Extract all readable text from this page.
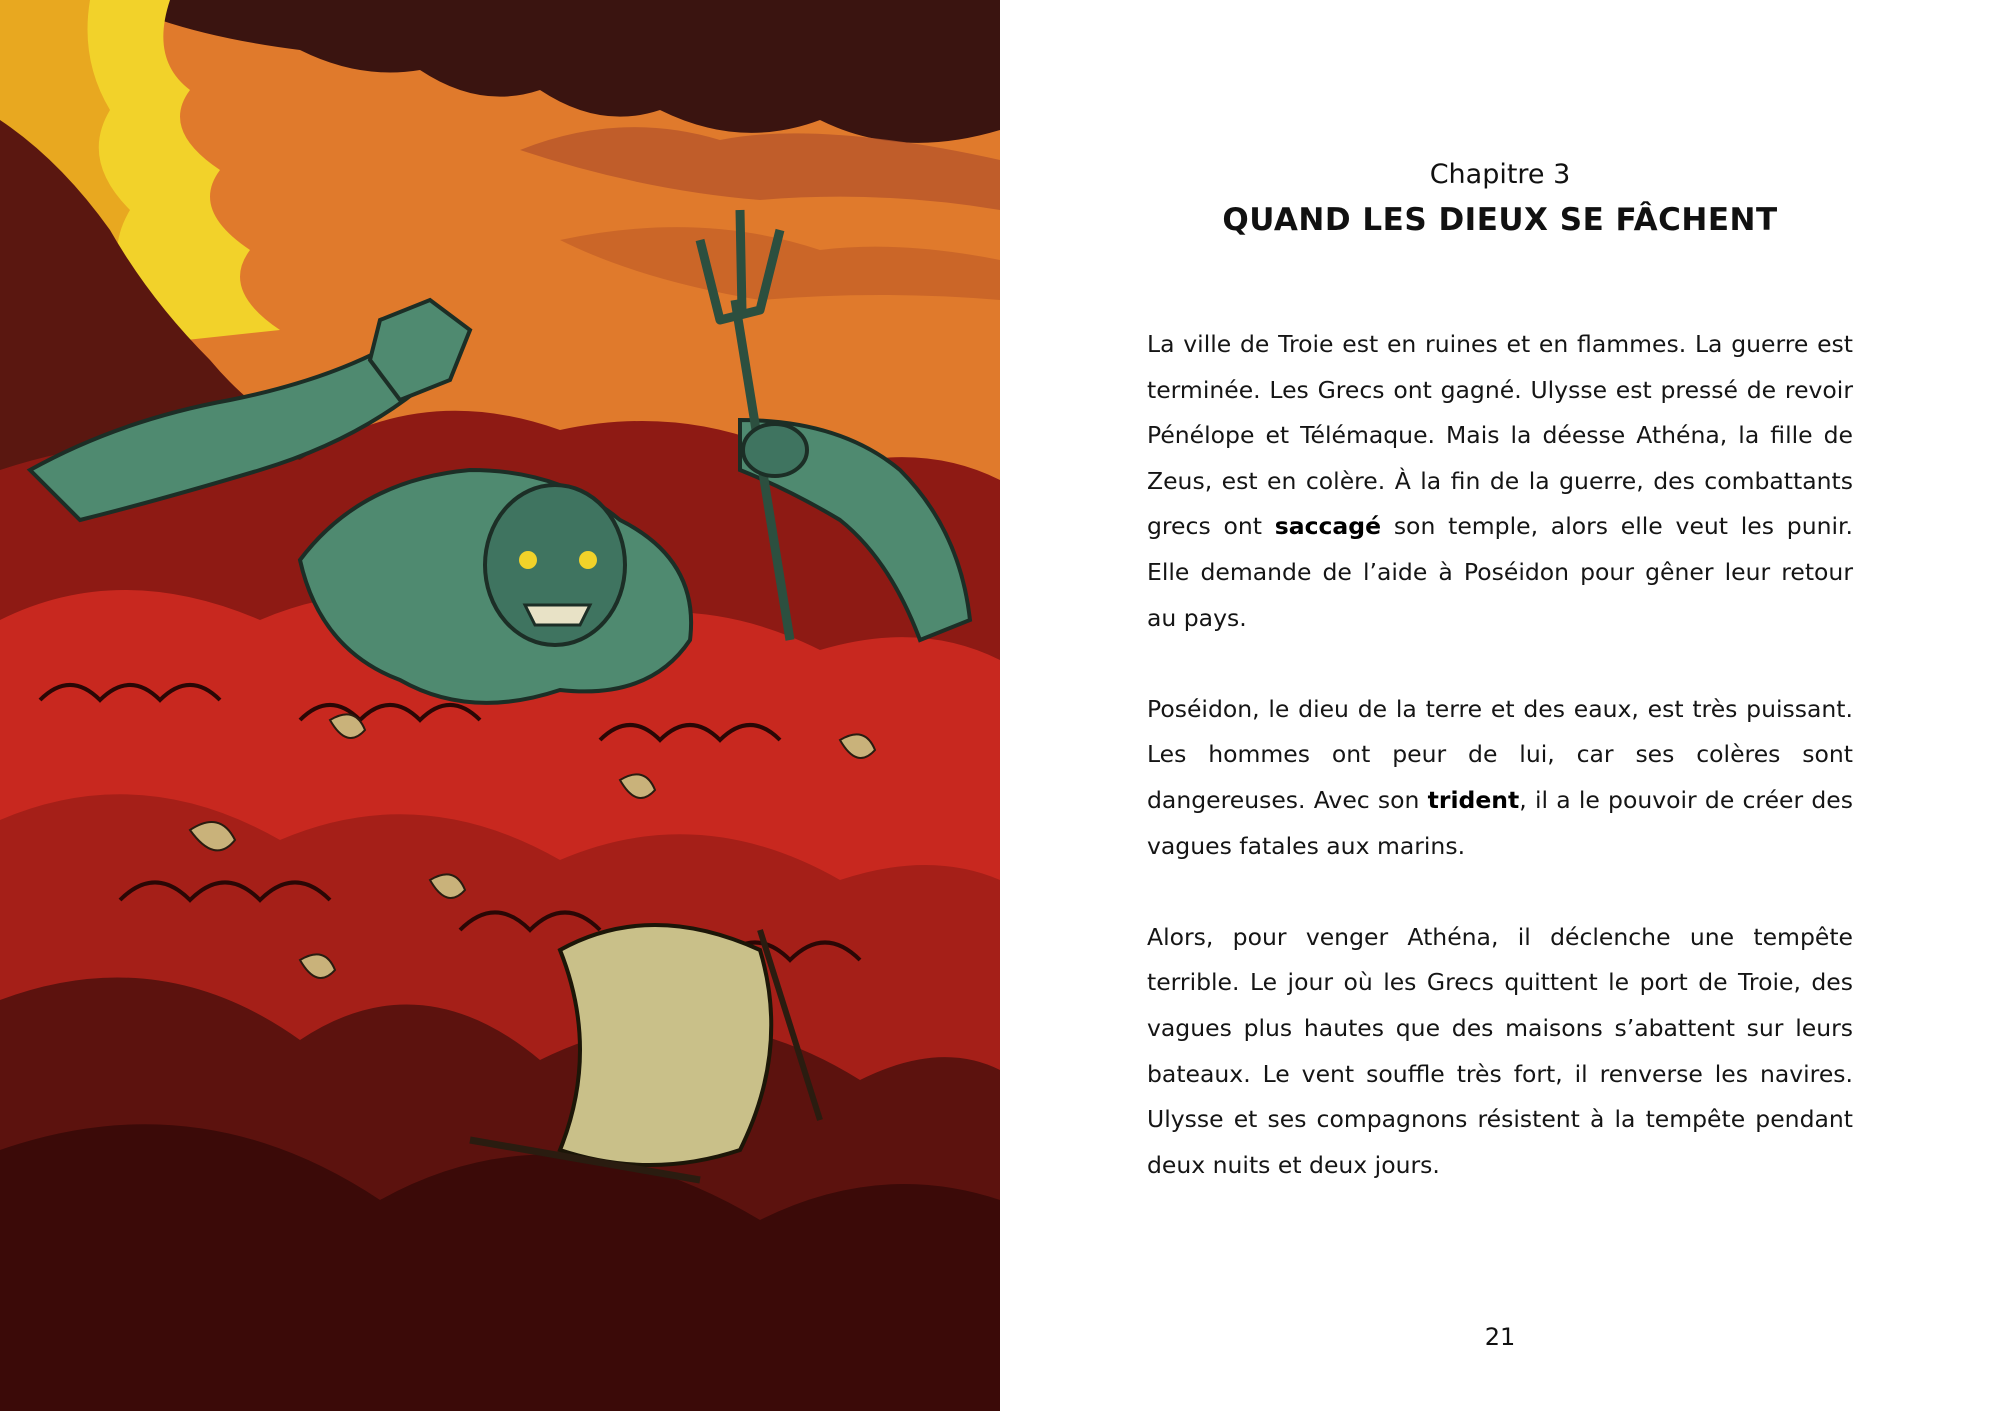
Chapitre 3
QUAND LES DIEUX SE FÂCHENT

La ville de Troie est en ruines et en flammes. La guerre est terminée. Les Grecs ont gagné. Ulysse est pressé de revoir Pénélope et Télémaque. Mais la déesse Athéna, la fille de Zeus, est en colère. À la fin de la guerre, des combattants grecs ont saccagé son temple, alors elle veut les punir. Elle demande de l’aide à Poséidon pour gêner leur retour au pays.

Poséidon, le dieu de la terre et des eaux, est très puissant. Les hommes ont peur de lui, car ses colères sont dangereuses. Avec son trident, il a le pouvoir de créer des vagues fatales aux marins.

Alors, pour venger Athéna, il déclenche une tempête terrible. Le jour où les Grecs quittent le port de Troie, des vagues plus hautes que des maisons s’abattent sur leurs bateaux. Le vent souffle très fort, il renverse les navires. Ulysse et ses compagnons résistent à la tempête pendant deux nuits et deux jours.

21
